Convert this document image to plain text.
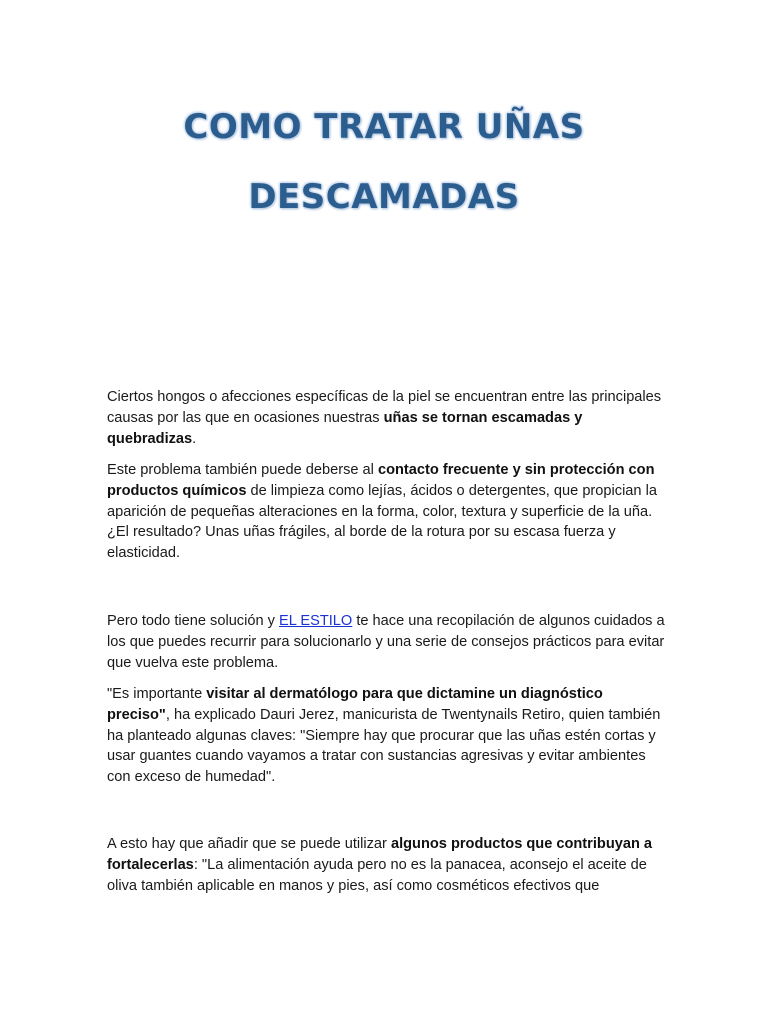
COMO TRATAR UÑAS
DESCAMADAS

Ciertos hongos o afecciones específicas de la piel se encuentran entre las principales causas por las que en ocasiones nuestras uñas se tornan escamadas y quebradizas.

Este problema también puede deberse al contacto frecuente y sin protección con productos químicos de limpieza como lejías, ácidos o detergentes, que propician la aparición de pequeñas alteraciones en la forma, color, textura y superficie de la uña. ¿El resultado? Unas uñas frágiles, al borde de la rotura por su escasa fuerza y elasticidad.

Pero todo tiene solución y EL ESTILO te hace una recopilación de algunos cuidados a los que puedes recurrir para solucionarlo y una serie de consejos prácticos para evitar que vuelva este problema.

"Es importante visitar al dermatólogo para que dictamine un diagnóstico preciso", ha explicado Dauri Jerez, manicurista de Twentynails Retiro, quien también ha planteado algunas claves: "Siempre hay que procurar que las uñas estén cortas y usar guantes cuando vayamos a tratar con sustancias agresivas y evitar ambientes con exceso de humedad".

A esto hay que añadir que se puede utilizar algunos productos que contribuyan a fortalecerlas: "La alimentación ayuda pero no es la panacea, aconsejo el aceite de oliva también aplicable en manos y pies, así como cosméticos efectivos que
